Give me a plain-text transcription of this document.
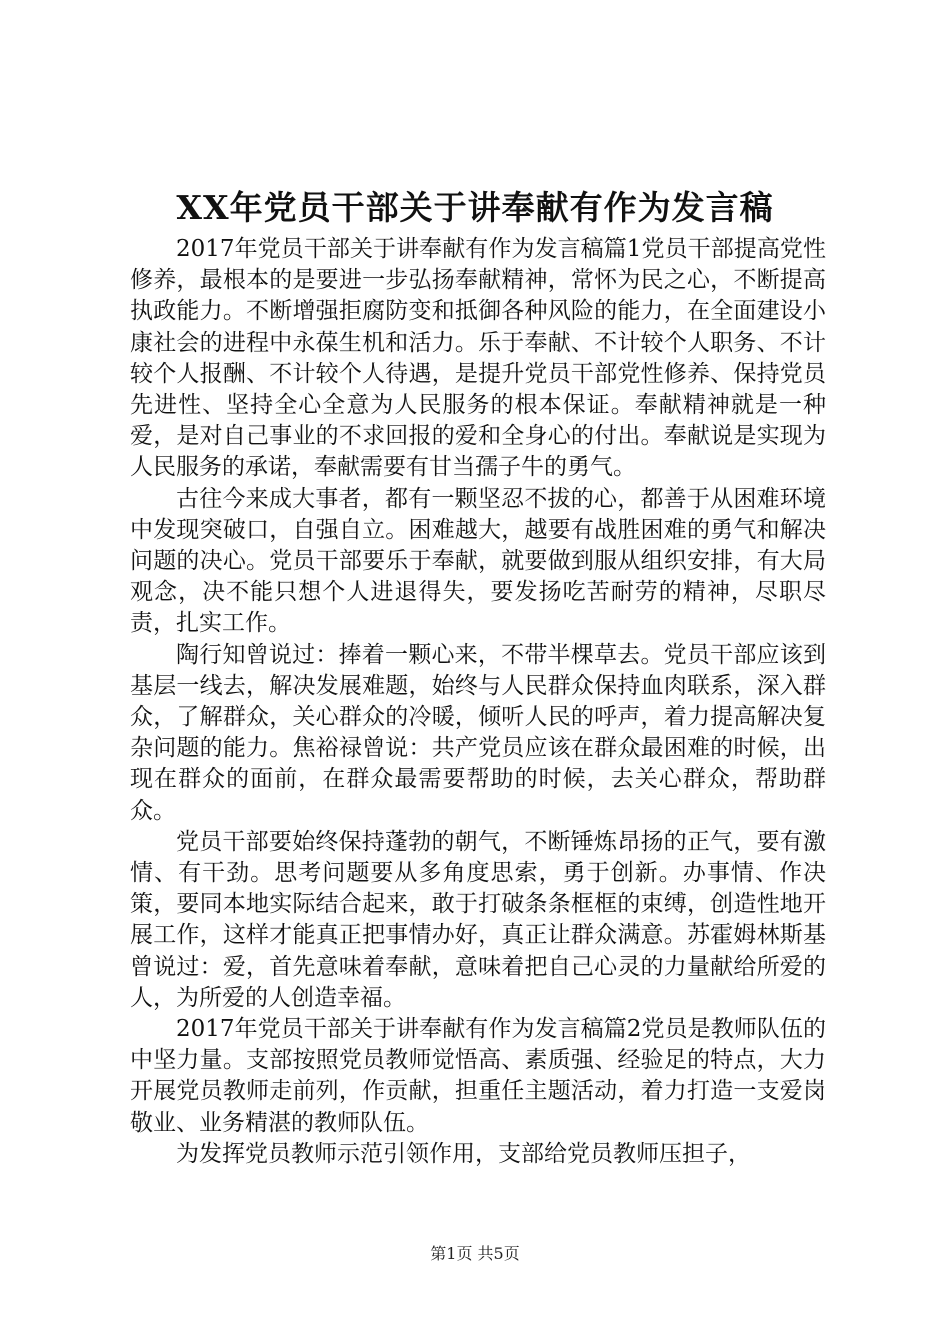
XX年党员干部关于讲奉献有作为发言稿

2017年党员干部关于讲奉献有作为发言稿篇1党员干部提高党性修养，最根本的是要进一步弘扬奉献精神，常怀为民之心，不断提高执政能力。不断增强拒腐防变和抵御各种风险的能力，在全面建设小康社会的进程中永葆生机和活力。乐于奉献、不计较个人职务、不计较个人报酬、不计较个人待遇，是提升党员干部党性修养、保持党员先进性、坚持全心全意为人民服务的根本保证。奉献精神就是一种爱，是对自己事业的不求回报的爱和全身心的付出。奉献说是实现为人民服务的承诺，奉献需要有甘当孺子牛的勇气。

古往今来成大事者，都有一颗坚忍不拔的心，都善于从困难环境中发现突破口，自强自立。困难越大，越要有战胜困难的勇气和解决问题的决心。党员干部要乐于奉献，就要做到服从组织安排，有大局观念，决不能只想个人进退得失，要发扬吃苦耐劳的精神，尽职尽责，扎实工作。

陶行知曾说过：捧着一颗心来，不带半棵草去。党员干部应该到基层一线去，解决发展难题，始终与人民群众保持血肉联系，深入群众，了解群众，关心群众的冷暖，倾听人民的呼声，着力提高解决复杂问题的能力。焦裕禄曾说：共产党员应该在群众最困难的时候，出现在群众的面前，在群众最需要帮助的时候，去关心群众，帮助群众。

党员干部要始终保持蓬勃的朝气，不断锤炼昂扬的正气，要有激情、有干劲。思考问题要从多角度思索，勇于创新。办事情、作决策，要同本地实际结合起来，敢于打破条条框框的束缚，创造性地开展工作，这样才能真正把事情办好，真正让群众满意。苏霍姆林斯基曾说过：爱，首先意味着奉献，意味着把自己心灵的力量献给所爱的人，为所爱的人创造幸福。

2017年党员干部关于讲奉献有作为发言稿篇2党员是教师队伍的中坚力量。支部按照党员教师觉悟高、素质强、经验足的特点，大力开展党员教师走前列，作贡献，担重任主题活动，着力打造一支爱岗敬业、业务精湛的教师队伍。

为发挥党员教师示范引领作用，支部给党员教师压担子，

第1页 共5页
